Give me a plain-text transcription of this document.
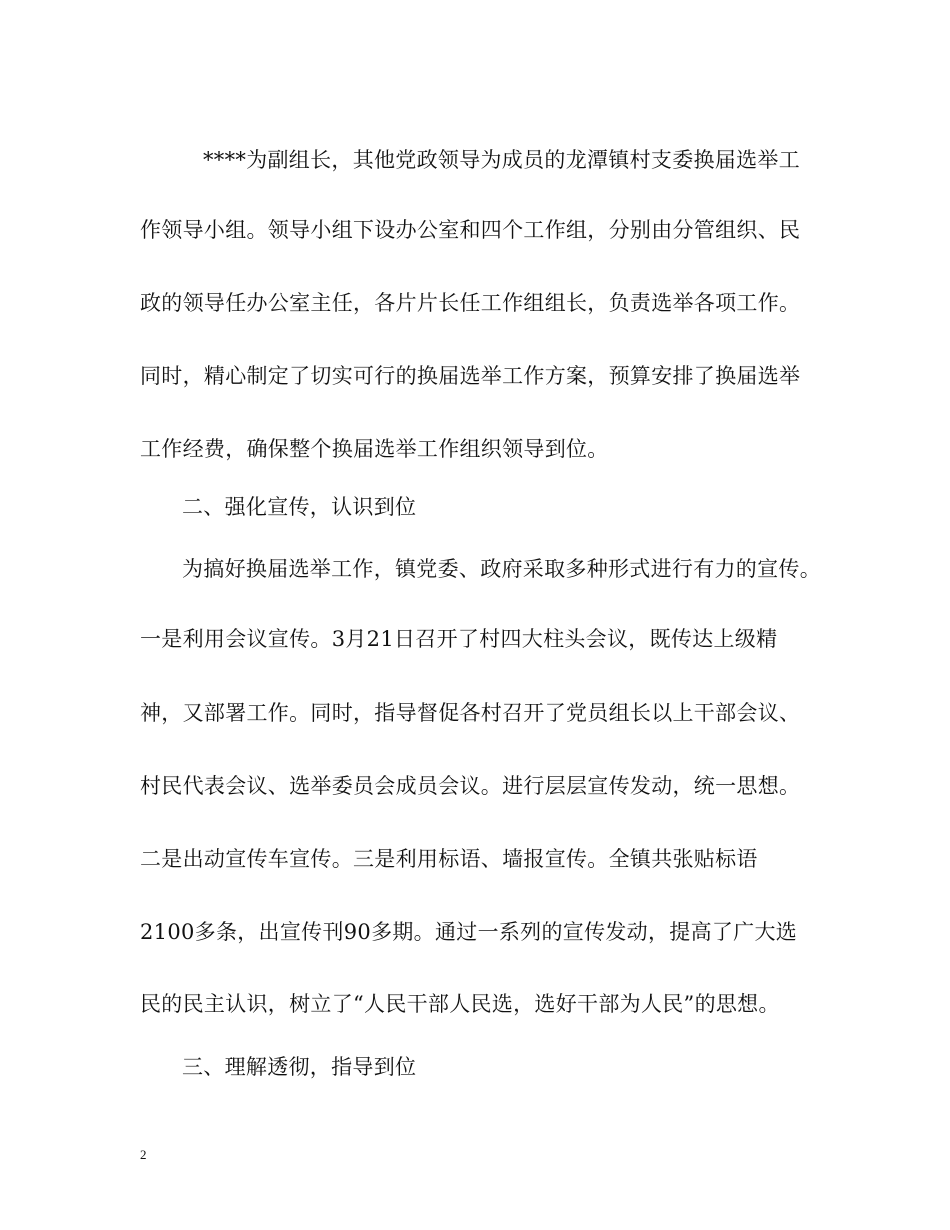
****为副组长，其他党政领导为成员的龙潭镇村支委换届选举工
作领导小组。领导小组下设办公室和四个工作组，分别由分管组织、民
政的领导任办公室主任，各片片长任工作组组长，负责选举各项工作。
同时，精心制定了切实可行的换届选举工作方案，预算安排了换届选举
工作经费，确保整个换届选举工作组织领导到位。
二、强化宣传，认识到位
为搞好换届选举工作，镇党委、政府采取多种形式进行有力的宣传。
一是利用会议宣传。3月21日召开了村四大柱头会议，既传达上级精
神，又部署工作。同时，指导督促各村召开了党员组长以上干部会议、
村民代表会议、选举委员会成员会议。进行层层宣传发动，统一思想。
二是出动宣传车宣传。三是利用标语、墙报宣传。全镇共张贴标语
2100多条，出宣传刊90多期。通过一系列的宣传发动，提高了广大选
民的民主认识，树立了“人民干部人民选，选好干部为人民”的思想。
三、理解透彻，指导到位
2
